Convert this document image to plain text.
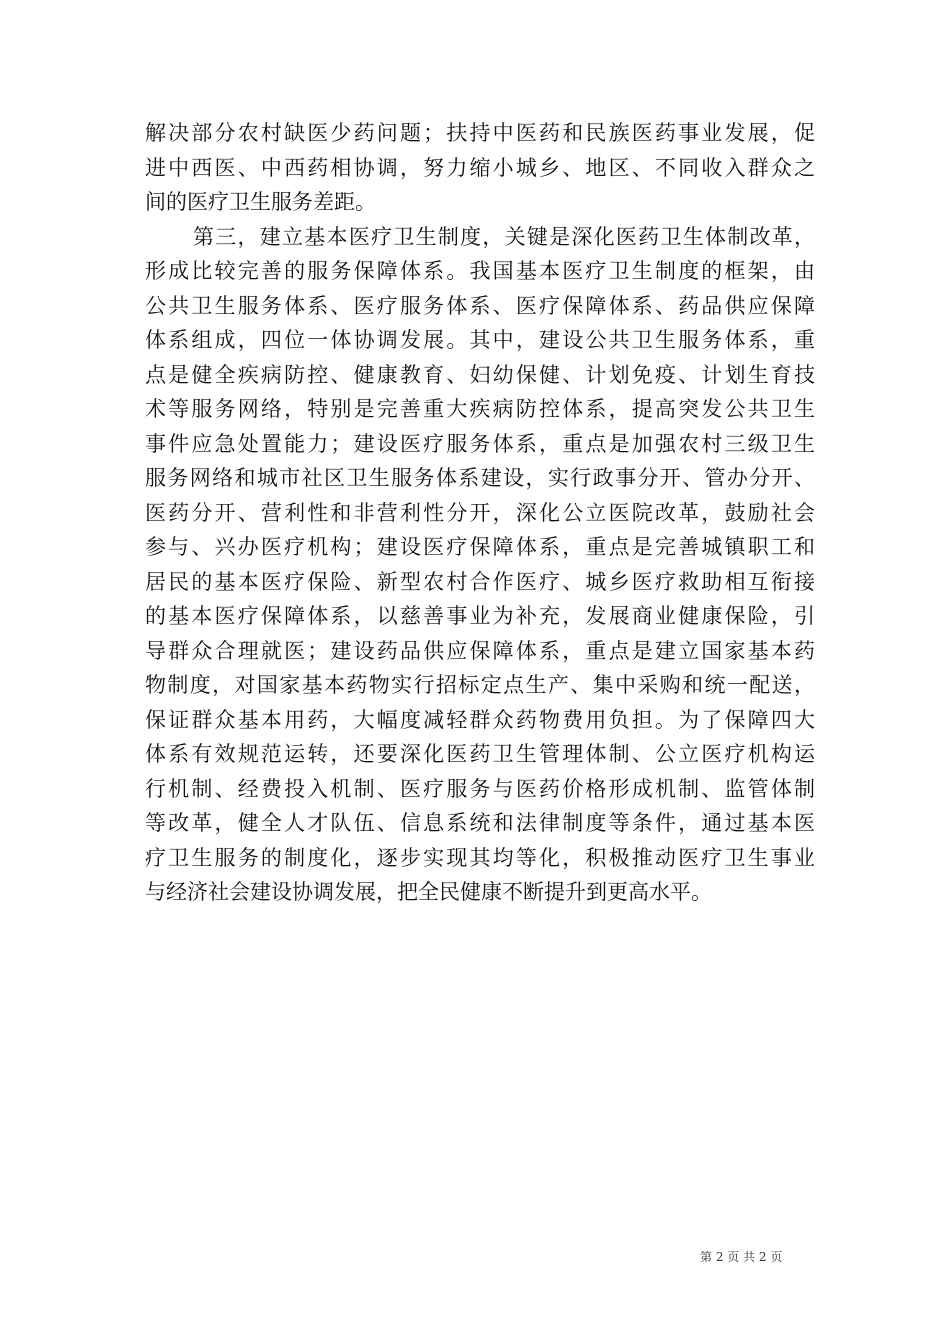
解决部分农村缺医少药问题；扶持中医药和民族医药事业发展，促
进中西医、中西药相协调，努力缩小城乡、地区、不同收入群众之
间的医疗卫生服务差距。
第三，建立基本医疗卫生制度，关键是深化医药卫生体制改革，
形成比较完善的服务保障体系。我国基本医疗卫生制度的框架，由
公共卫生服务体系、医疗服务体系、医疗保障体系、药品供应保障
体系组成，四位一体协调发展。其中，建设公共卫生服务体系，重
点是健全疾病防控、健康教育、妇幼保健、计划免疫、计划生育技
术等服务网络，特别是完善重大疾病防控体系，提高突发公共卫生
事件应急处置能力；建设医疗服务体系，重点是加强农村三级卫生
服务网络和城市社区卫生服务体系建设，实行政事分开、管办分开、
医药分开、营利性和非营利性分开，深化公立医院改革，鼓励社会
参与、兴办医疗机构；建设医疗保障体系，重点是完善城镇职工和
居民的基本医疗保险、新型农村合作医疗、城乡医疗救助相互衔接
的基本医疗保障体系，以慈善事业为补充，发展商业健康保险，引
导群众合理就医；建设药品供应保障体系，重点是建立国家基本药
物制度，对国家基本药物实行招标定点生产、集中采购和统一配送，
保证群众基本用药，大幅度减轻群众药物费用负担。为了保障四大
体系有效规范运转，还要深化医药卫生管理体制、公立医疗机构运
行机制、经费投入机制、医疗服务与医药价格形成机制、监管体制
等改革，健全人才队伍、信息系统和法律制度等条件，通过基本医
疗卫生服务的制度化，逐步实现其均等化，积极推动医疗卫生事业
与经济社会建设协调发展，把全民健康不断提升到更高水平。
第 2 页 共 2 页
